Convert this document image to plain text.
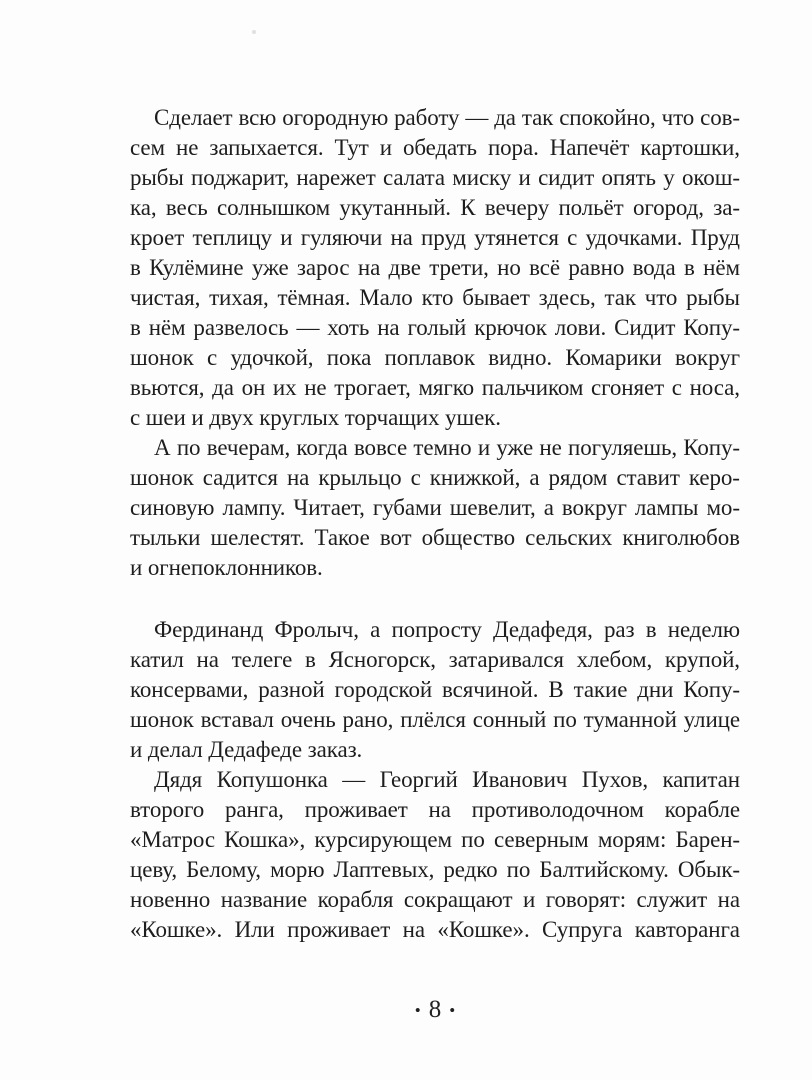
Сделает всю огородную работу — да так спокойно, что сов-
сем не запыхается. Тут и обедать пора. Напечёт картошки,
рыбы поджарит, нарежет салата миску и сидит опять у окош-
ка, весь солнышком укутанный. К вечеру польёт огород, за-
кроет теплицу и гуляючи на пруд утянется с удочками. Пруд
в Кулёмине уже зарос на две трети, но всё равно вода в нём
чистая, тихая, тёмная. Мало кто бывает здесь, так что рыбы
в нём развелось — хоть на голый крючок лови. Сидит Копу-
шонок с удочкой, пока поплавок видно. Комарики вокруг
вьются, да он их не трогает, мягко пальчиком сгоняет с носа,
с шеи и двух круглых торчащих ушек.
А по вечерам, когда вовсе темно и уже не погуляешь, Копу-
шонок садится на крыльцо с книжкой, а рядом ставит керо-
синовую лампу. Читает, губами шевелит, а вокруг лампы мо-
тыльки шелестят. Такое вот общество сельских книголюбов
и огнепоклонников.
Фердинанд Фролыч, а попросту Дедафедя, раз в неделю
катил на телеге в Ясногорск, затаривался хлебом, крупой,
консервами, разной городской всячиной. В такие дни Копу-
шонок вставал очень рано, плёлся сонный по туманной улице
и делал Дедафеде заказ.
Дядя Копушонка — Георгий Иванович Пухов, капитан
второго ранга, проживает на противолодочном корабле
«Матрос Кошка», курсирующем по северным морям: Барен-
цеву, Белому, морю Лаптевых, редко по Балтийскому. Обык-
новенно название корабля сокращают и говорят: служит на
«Кошке». Или проживает на «Кошке». Супруга кавторанга
• 8 •
